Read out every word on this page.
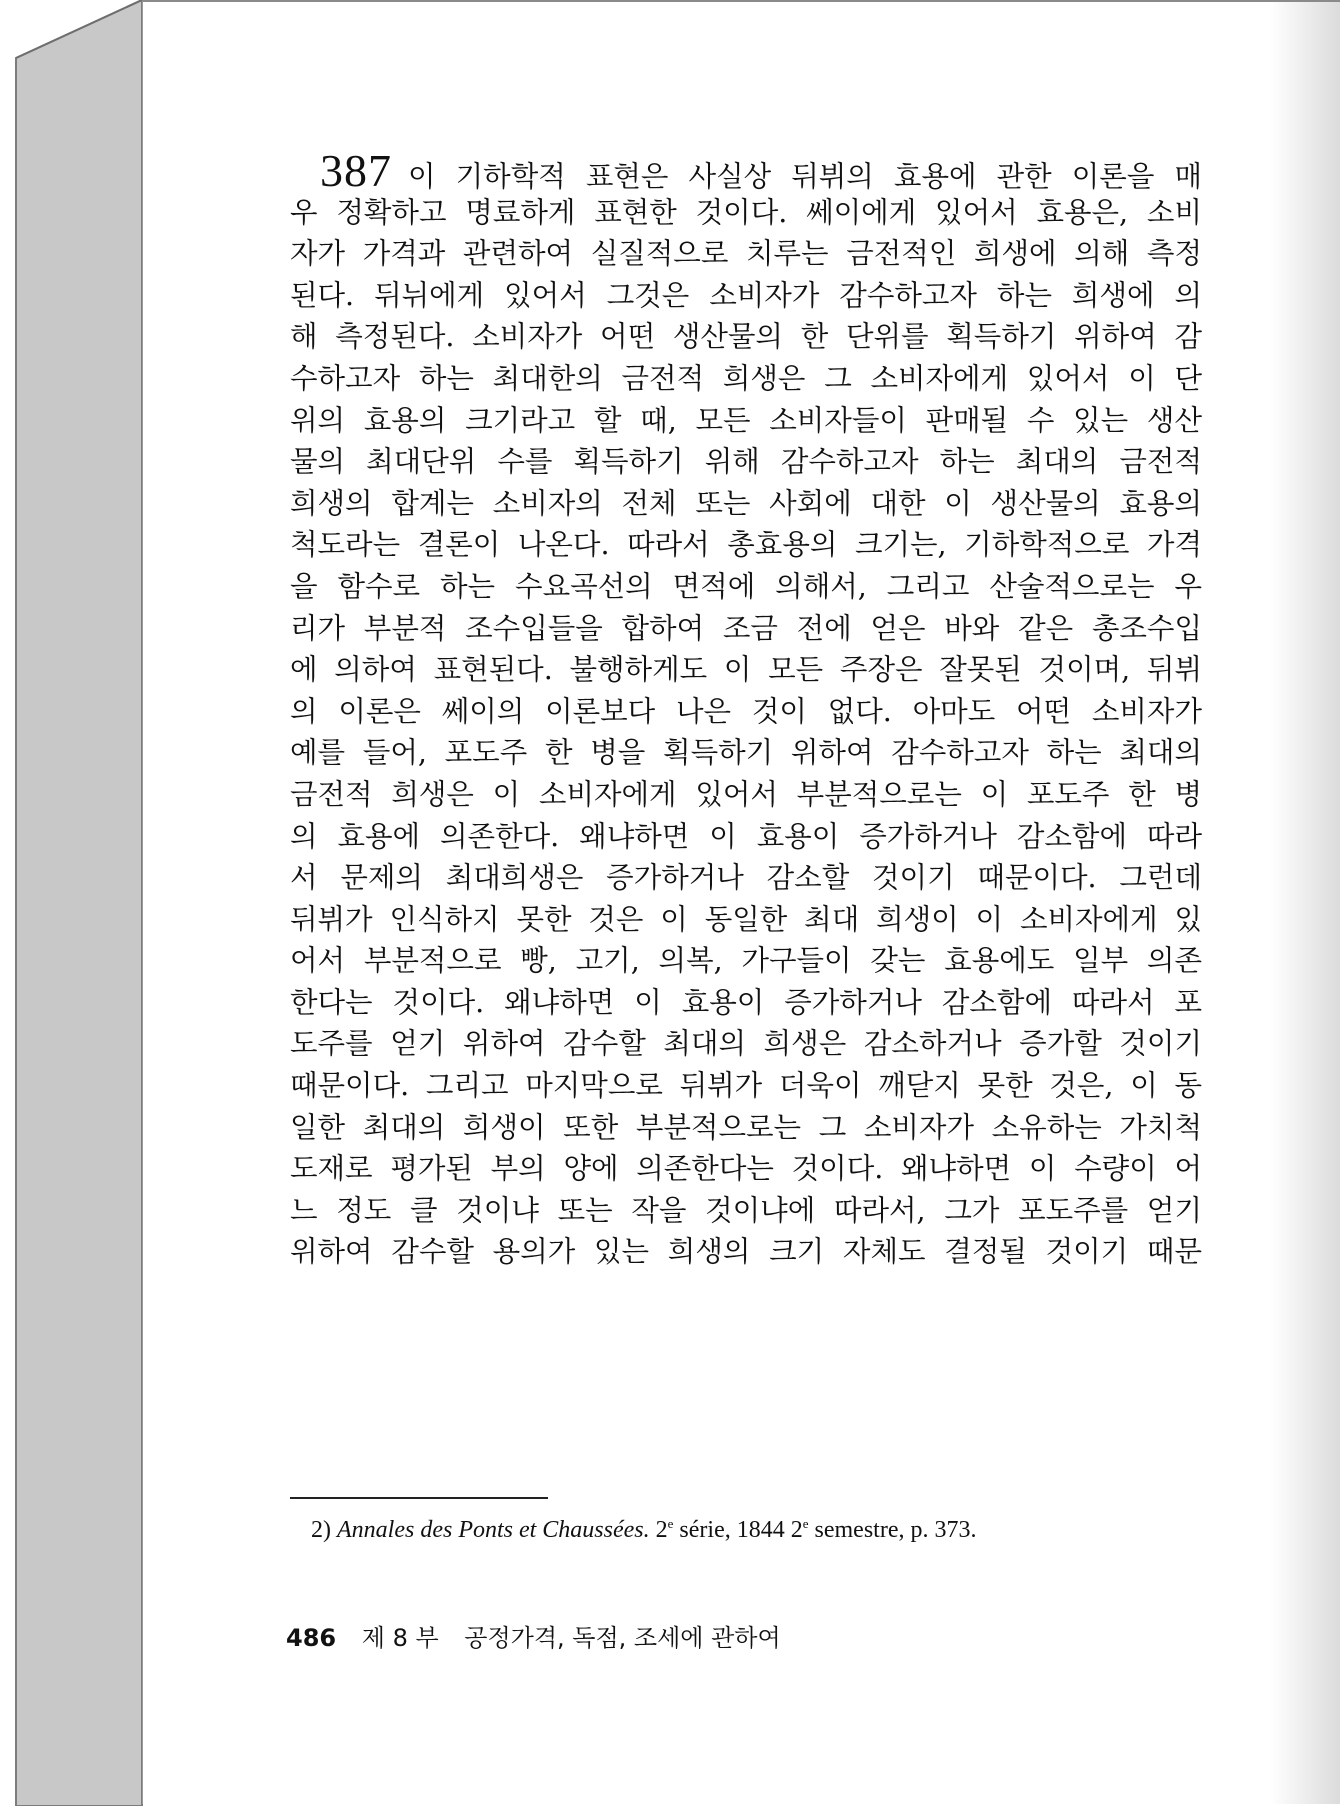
387 이 기하학적 표현은 사실상 뒤뷔의 효용에 관한 이론을 매
우 정확하고 명료하게 표현한 것이다. 쎄이에게 있어서 효용은, 소비
자가 가격과 관련하여 실질적으로 치루는 금전적인 희생에 의해 측정
된다. 뒤뉘에게 있어서 그것은 소비자가 감수하고자 하는 희생에 의
해 측정된다. 소비자가 어떤 생산물의 한 단위를 획득하기 위하여 감
수하고자 하는 최대한의 금전적 희생은 그 소비자에게 있어서 이 단
위의 효용의 크기라고 할 때, 모든 소비자들이 판매될 수 있는 생산
물의 최대단위 수를 획득하기 위해 감수하고자 하는 최대의 금전적
희생의 합계는 소비자의 전체 또는 사회에 대한 이 생산물의 효용의
척도라는 결론이 나온다. 따라서 총효용의 크기는, 기하학적으로 가격
을 함수로 하는 수요곡선의 면적에 의해서, 그리고 산술적으로는 우
리가 부분적 조수입들을 합하여 조금 전에 얻은 바와 같은 총조수입
에 의하여 표현된다. 불행하게도 이 모든 주장은 잘못된 것이며, 뒤뷔
의 이론은 쎄이의 이론보다 나은 것이 없다. 아마도 어떤 소비자가
예를 들어, 포도주 한 병을 획득하기 위하여 감수하고자 하는 최대의
금전적 희생은 이 소비자에게 있어서 부분적으로는 이 포도주 한 병
의 효용에 의존한다. 왜냐하면 이 효용이 증가하거나 감소함에 따라
서 문제의 최대희생은 증가하거나 감소할 것이기 때문이다. 그런데
뒤뷔가 인식하지 못한 것은 이 동일한 최대 희생이 이 소비자에게 있
어서 부분적으로 빵, 고기, 의복, 가구들이 갖는 효용에도 일부 의존
한다는 것이다. 왜냐하면 이 효용이 증가하거나 감소함에 따라서 포
도주를 얻기 위하여 감수할 최대의 희생은 감소하거나 증가할 것이기
때문이다. 그리고 마지막으로 뒤뷔가 더욱이 깨닫지 못한 것은, 이 동
일한 최대의 희생이 또한 부분적으로는 그 소비자가 소유하는 가치척
도재로 평가된 부의 양에 의존한다는 것이다. 왜냐하면 이 수량이 어
느 정도 클 것이냐 또는 작을 것이냐에 따라서, 그가 포도주를 얻기
위하여 감수할 용의가 있는 희생의 크기 자체도 결정될 것이기 때문
2) Annales des Ponts et Chaussées. 2e série, 1844 2e semestre, p. 373.
486 제 8 부 공정가격, 독점, 조세에 관하여
